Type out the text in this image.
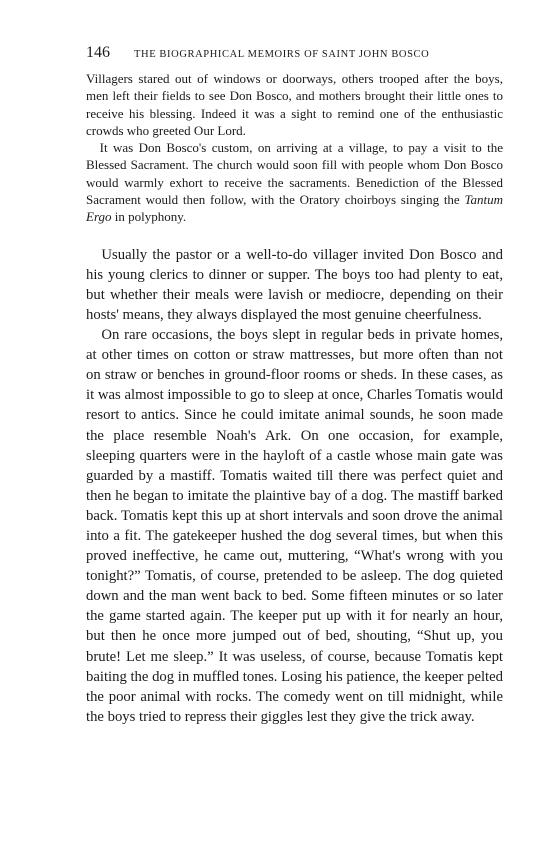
146	THE BIOGRAPHICAL MEMOIRS OF SAINT JOHN BOSCO

Villagers stared out of windows or doorways, others trooped after the boys, men left their fields to see Don Bosco, and mothers brought their little ones to receive his blessing. Indeed it was a sight to remind one of the enthusiastic crowds who greeted Our Lord.

It was Don Bosco's custom, on arriving at a village, to pay a visit to the Blessed Sacrament. The church would soon fill with people whom Don Bosco would warmly exhort to receive the sacraments. Benediction of the Blessed Sacrament would then follow, with the Oratory choirboys singing the Tantum Ergo in polyphony.

Usually the pastor or a well-to-do villager invited Don Bosco and his young clerics to dinner or supper. The boys too had plenty to eat, but whether their meals were lavish or mediocre, depending on their hosts' means, they always displayed the most genuine cheerfulness.

On rare occasions, the boys slept in regular beds in private homes, at other times on cotton or straw mattresses, but more often than not on straw or benches in ground-floor rooms or sheds. In these cases, as it was almost impossible to go to sleep at once, Charles Tomatis would resort to antics. Since he could imitate animal sounds, he soon made the place resemble Noah's Ark. On one occasion, for example, sleeping quarters were in the hayloft of a castle whose main gate was guarded by a mastiff. Tomatis waited till there was perfect quiet and then he began to imitate the plaintive bay of a dog. The mastiff barked back. Tomatis kept this up at short intervals and soon drove the animal into a fit. The gatekeeper hushed the dog several times, but when this proved ineffective, he came out, muttering, “What's wrong with you tonight?” Tomatis, of course, pretended to be asleep. The dog quieted down and the man went back to bed. Some fifteen minutes or so later the game started again. The keeper put up with it for nearly an hour, but then he once more jumped out of bed, shouting, “Shut up, you brute! Let me sleep.” It was useless, of course, because Tomatis kept baiting the dog in muffled tones. Losing his patience, the keeper pelted the poor animal with rocks. The comedy went on till midnight, while the boys tried to repress their giggles lest they give the trick away.
